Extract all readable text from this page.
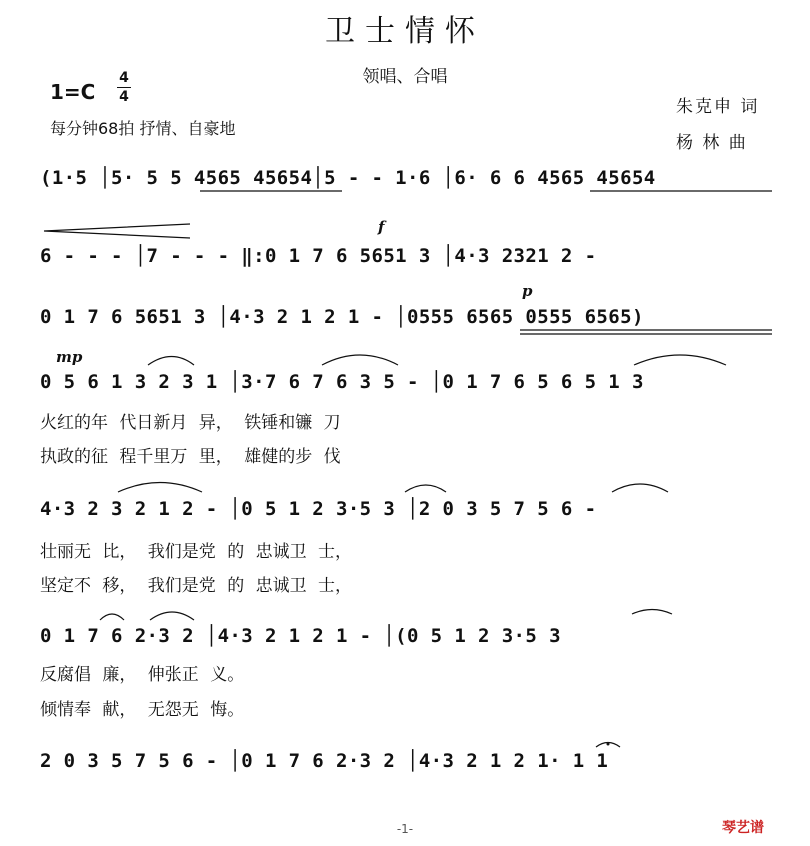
卫士情怀
领唱、合唱
1=C
4
4
每分钟68拍 抒情、自豪地
朱克申 词
杨 林 曲
(1·5 │5· 5 5 4565 45654│5 - - 1·6 │6· 6 6 4565 45654
6 - - - │7 - - - ‖:0 1 7 6 5651 3 │4·3 2321 2 -
0 1 7 6 5651 3 │4·3 2 1 2 1 - │0555 6565 0555 6565)
0 5 6 1 3 2 3 1 │3·7 6 7 6 3 5 - │0 1 7 6 5 6 5 1 3
4·3 2 3 2 1 2 - │0 5 1 2 3·5 3 │2 0 3 5 7 5 6 -
0 1 7 6 2·3 2 │4·3 2 1 2 1 - │(0 5 1 2 3·5 3
2 0 3 5 7 5 6 - │0 1 7 6 2·3 2 │4·3 2 1 2 1· 1 1
f
p
mp
火红的年 代日新月 异， 铁锤和镰 刀
执政的征 程千里万 里， 雄健的步 伐
壮丽无 比， 我们是党 的 忠诚卫 士，
坚定不 移， 我们是党 的 忠诚卫 士，
反腐倡 廉， 伸张正 义。
倾情奉 献， 无怨无 悔。
-1-	琴艺谱
